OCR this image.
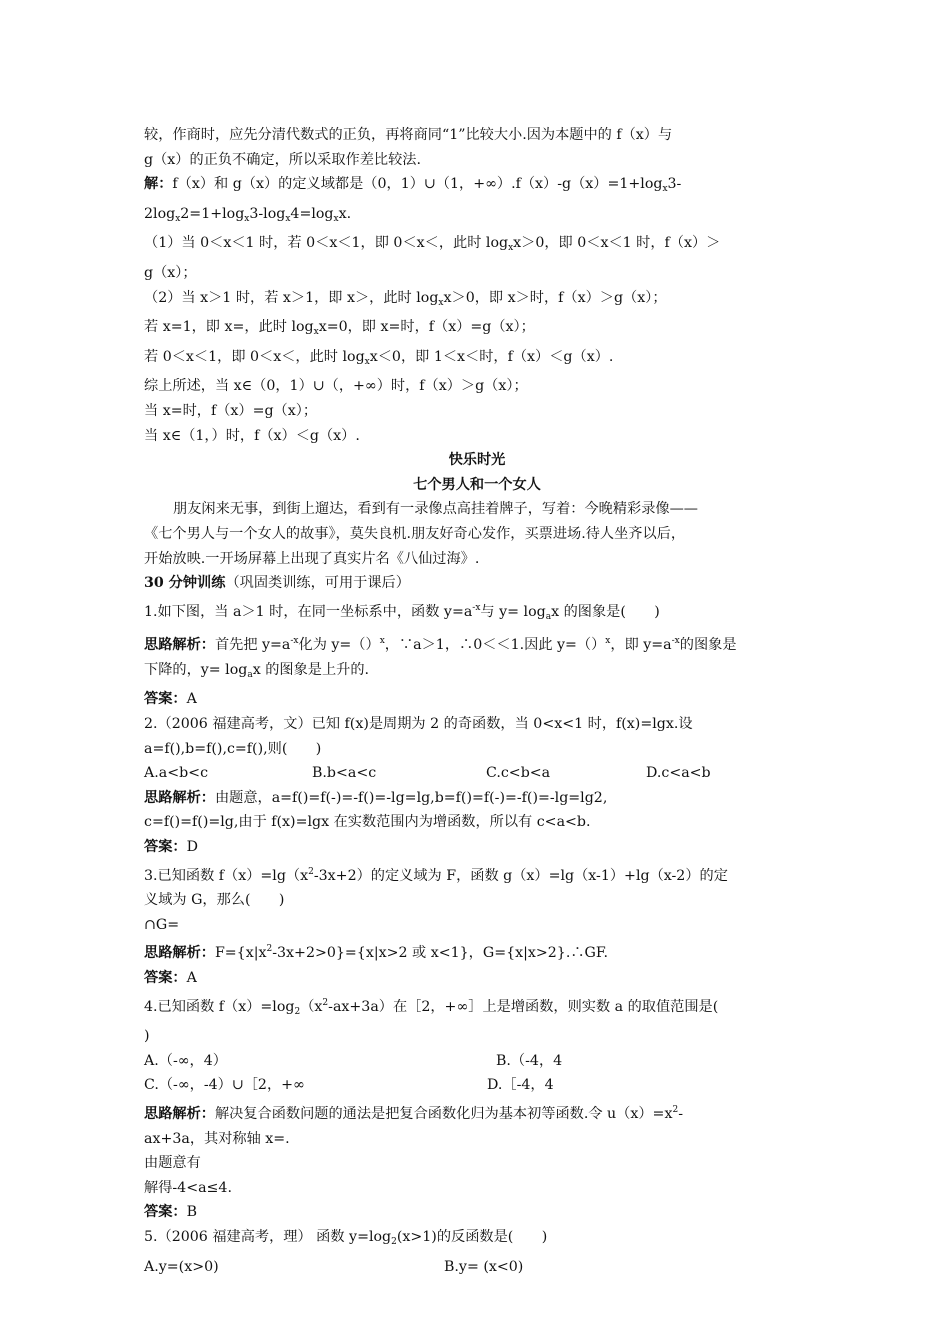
较，作商时，应先分清代数式的正负，再将商同“1”比较大小.因为本题中的 f（x）与

g（x）的正负不确定，所以采取作差比较法.

解：f（x）和 g（x）的定义域都是（0，1）∪（1，$+\infty).f(x)-g(x)=1+\log_x3-$

$2\log_x2=1+\log_x3-\log_x4=\log_xx$.

（1）当 0＜x＜1 时，若 0＜x＜1，即 0＜x＜，此时 $\log_xx>0$，即 0＜x＜1 时，f（x）＞

g（x）；

（2）当 x＞1 时，若 x＞1，即 x＞，此时 $\log_xx>0$，即 x＞时，f（x）＞g（x）；

若 x=1，即 x=，此时 $\log_xx=0$，即 x=时，f（x）=g（x）；

若 0＜x＜1，即 0＜x＜，此时 $\log_xx<0$，即 1＜x＜时，f（x）＜g（x）.

综上所述，当 x∈（0，1）∪（，+∞）时，f（x）＞g（x）；

当 x=时，f（x）=g（x）；

当 x∈（1，）时，f（x）＜g（x）.

快乐时光

七个男人和一个女人

朋友闲来无事，到街上遛达，看到有一录像点高挂着牌子，写着：今晚精彩录像——

《七个男人与一个女人的故事》，莫失良机.朋友好奇心发作，买票进场.待人坐齐以后，

开始放映.一开场屏幕上出现了真实片名《八仙过海》.

30 分钟训练（巩固类训练，可用于课后）

1.如下图，当 a＞1 时，在同一坐标系中，函数 $y=a^{-x}$与 $y= \log_ax$ 的图象是(　　)

思路解析：首先把 $y=a^{-x}$化为 y=（）$^x$，∵a＞1，∴0＜＜1.因此 y=（）$^x$，即 $y=a^{-x}$的图象是

下降的，$y= \log_ax$ 的图象是上升的.

答案：A

2.（2006 福建高考，文）已知 f(x)是周期为 2 的奇函数，当 0<x<1 时，f(x)=lgx.设

a=f(),b=f(),c=f(),则(　　)

A.a<b<c	B.b<a<c	C.c<b<a	D.c<a<b

思路解析：由题意，a=f()=f(-)=-f()=-lg=lg,b=f()=f(-)=-f()=-lg=lg2,

c=f()=f()=lg,由于 f(x)=lgx 在实数范围内为增函数，所以有 c<a<b.

答案：D

3.已知函数 $f(x)=\lg(x^2-3x+2)$的定义域为 F，函数 g（x）=lg（x-1）+lg（x-2）的定

义域为 G，那么(　　)

∩G=

思路解析：$F=\{x|x^2-3x+2>0\}=\{x|x>2$ 或 x<1}，G={x|x>2}.∴GF.

答案：A

4.已知函数 $f(x)=\log_2(x^2-ax+3a)$在［2，+∞］上是增函数，则实数 a 的取值范围是(

)

A.（-∞，4）	B.（-4，4

C.（-∞，-4）∪［2，+∞	D.［-4，4

思路解析：解决复合函数问题的通法是把复合函数化归为基本初等函数.令 $u(x)=x^2-$

ax+3a，其对称轴 x=.

由题意有

解得-4<a≤4.

答案：B

5.（2006 福建高考，理） 函数 $y=\log_2(x>1)$的反函数是(　　)

A.y=(x>0)	B.y= (x<0)
